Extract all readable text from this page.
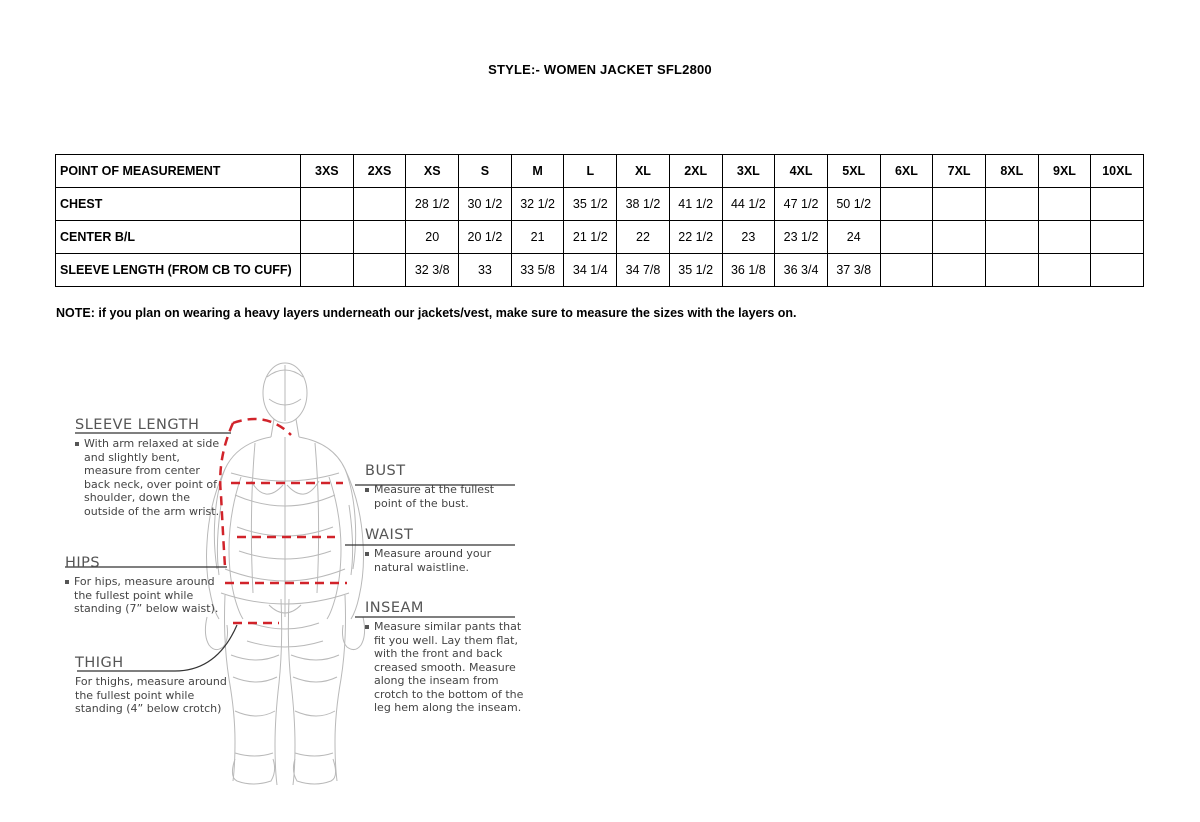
STYLE:- WOMEN JACKET SFL2800
POINT OF MEASUREMENT	3XS	2XS	XS	S	M	L	XL	2XL	3XL	4XL	5XL	6XL	7XL	8XL	9XL	10XL
CHEST			28 1/2	30 1/2	32 1/2	35 1/2	38 1/2	41 1/2	44 1/2	47 1/2	50 1/2					
CENTER B/L			20	20 1/2	21	21 1/2	22	22 1/2	23	23 1/2	24					
SLEEVE LENGTH (FROM CB TO CUFF)			32 3/8	33	33 5/8	34 1/4	34 7/8	35 1/2	36 1/8	36 3/4	37 3/8					
NOTE: if you plan on wearing a heavy layers underneath our jackets/vest, make sure to measure the sizes with the layers on.
SLEEVE LENGTH
With arm relaxed at side and slightly bent, measure from center back neck, over point of shoulder, down the outside of the arm wrist.
HIPS
For hips, measure around the fullest point while standing (7” below waist).
THIGH
For thighs, measure around the fullest point while standing (4” below crotch)
BUST
Measure at the fullest point of the bust.
WAIST
Measure around your natural waistline.
INSEAM
Measure similar pants that fit you well. Lay them flat, with the front and back creased smooth. Measure along the inseam from crotch to the bottom of the leg hem along the inseam.
